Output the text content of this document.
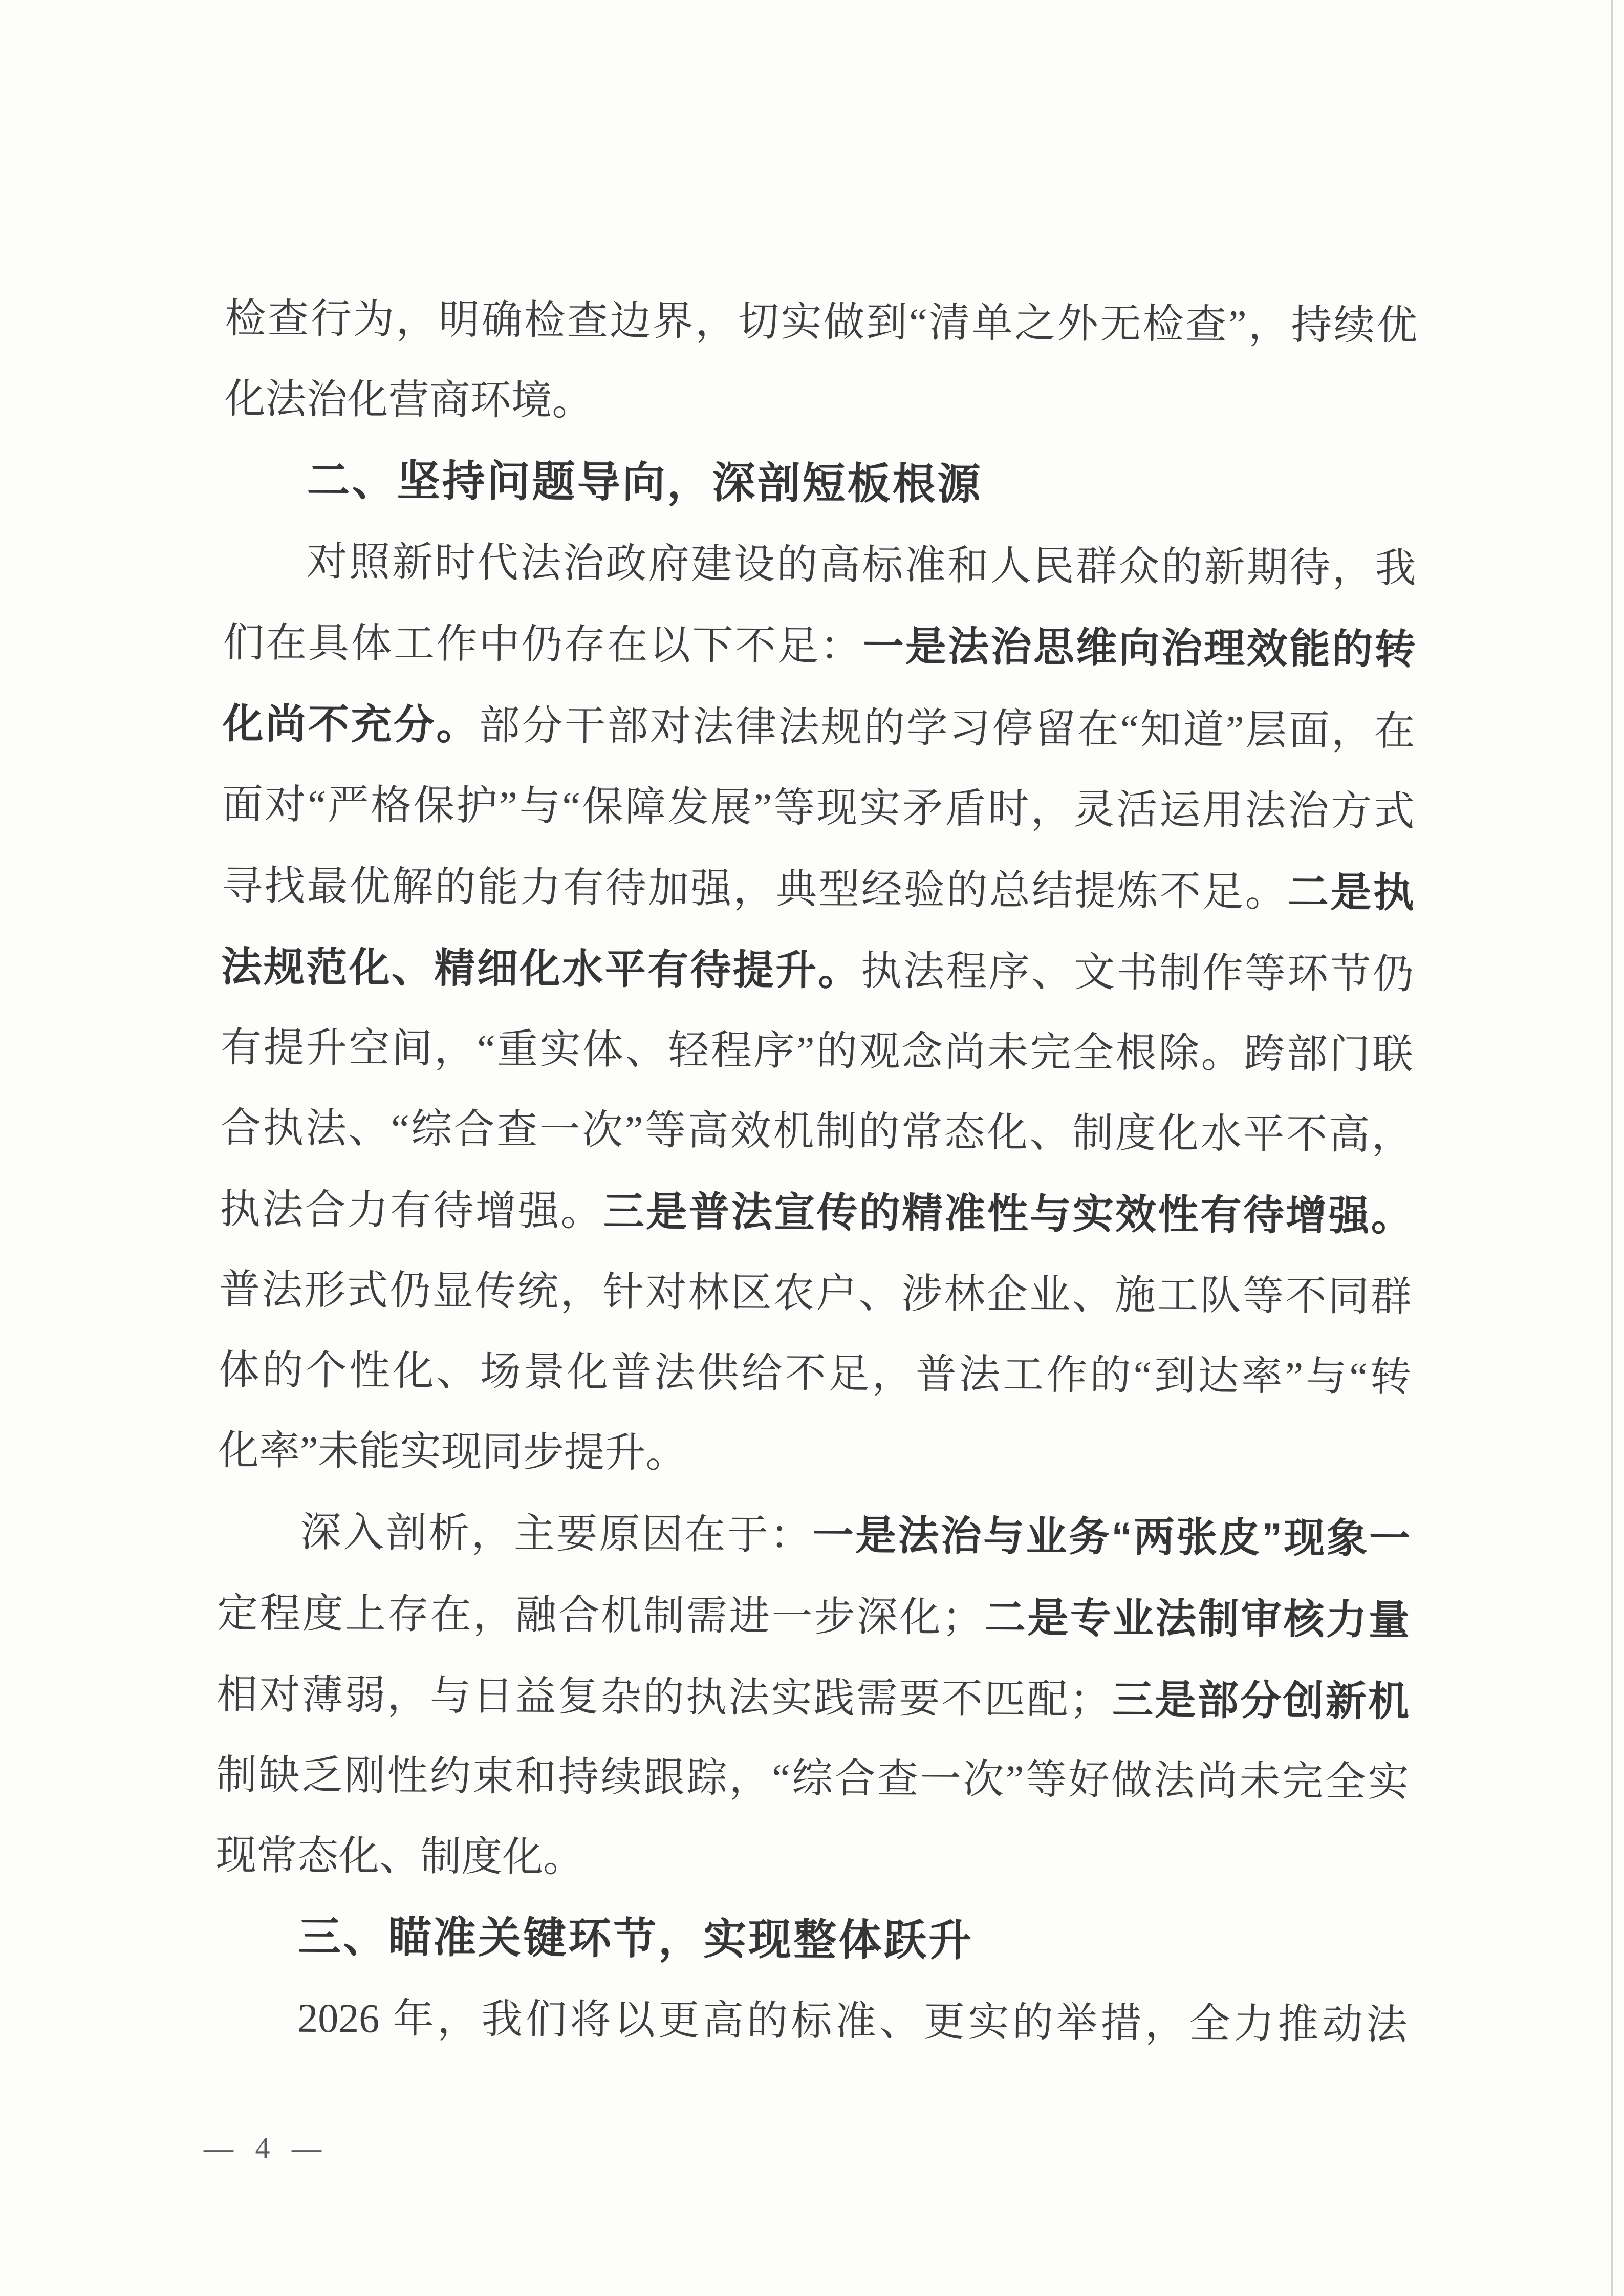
检查行为，明确检查边界，切实做到“清单之外无检查”，持续优
化法治化营商环境。
二、坚持问题导向，深剖短板根源
对照新时代法治政府建设的高标准和人民群众的新期待，我
们在具体工作中仍存在以下不足：一是法治思维向治理效能的转
化尚不充分。部分干部对法律法规的学习停留在“知道”层面，在
面对“严格保护”与“保障发展”等现实矛盾时，灵活运用法治方式
寻找最优解的能力有待加强，典型经验的总结提炼不足。二是执
法规范化、精细化水平有待提升。执法程序、文书制作等环节仍
有提升空间，“重实体、轻程序”的观念尚未完全根除。跨部门联
合执法、“综合查一次”等高效机制的常态化、制度化水平不高，
执法合力有待增强。三是普法宣传的精准性与实效性有待增强。
普法形式仍显传统，针对林区农户、涉林企业、施工队等不同群
体的个性化、场景化普法供给不足，普法工作的“到达率”与“转
化率”未能实现同步提升。
深入剖析，主要原因在于：一是法治与业务“两张皮”现象一
定程度上存在，融合机制需进一步深化；二是专业法制审核力量
相对薄弱，与日益复杂的执法实践需要不匹配；三是部分创新机
制缺乏刚性约束和持续跟踪，“综合查一次”等好做法尚未完全实
现常态化、制度化。
三、瞄准关键环节，实现整体跃升
2026 年，我们将以更高的标准、更实的举措，全力推动法
— 4 —
